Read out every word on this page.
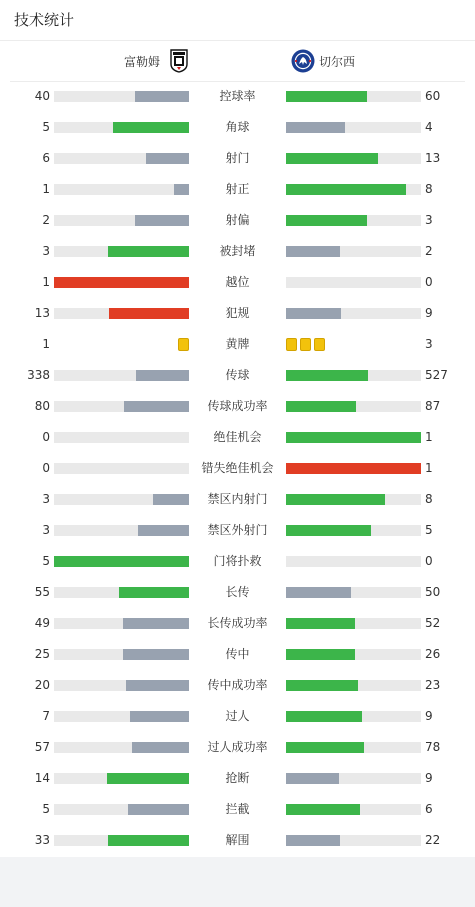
技术统计
富勒姆	切尔西
40	控球率	60
5	角球	4
6	射门	13
1	射正	8
2	射偏	3
3	被封堵	2
1	越位	0
13	犯规	9
1	黄牌	3
338	传球	527
80	传球成功率	87
0	绝佳机会	1
0	错失绝佳机会	1
3	禁区内射门	8
3	禁区外射门	5
5	门将扑救	0
55	长传	50
49	长传成功率	52
25	传中	26
20	传中成功率	23
7	过人	9
57	过人成功率	78
14	抢断	9
5	拦截	6
33	解围	22
